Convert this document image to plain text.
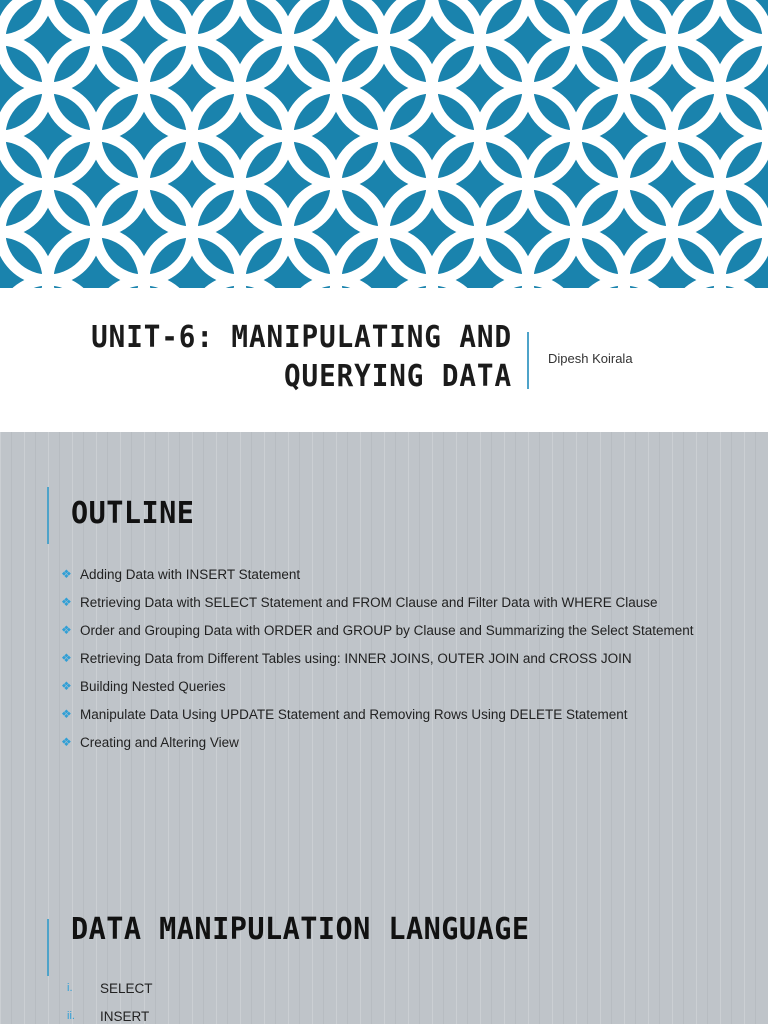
UNIT-6: MANIPULATING AND
QUERYING DATA
Dipesh Koirala
OUTLINE
❖ Adding Data with INSERT Statement
❖ Retrieving Data with SELECT Statement and FROM Clause and Filter Data with WHERE Clause
❖ Order and Grouping Data with ORDER and GROUP by Clause and Summarizing the Select Statement
❖ Retrieving Data from Different Tables using: INNER JOINS, OUTER JOIN and CROSS JOIN
❖ Building Nested Queries
❖ Manipulate Data Using UPDATE Statement and Removing Rows Using DELETE Statement
❖ Creating and Altering View
DATA MANIPULATION LANGUAGE
i. SELECT
ii. INSERT
